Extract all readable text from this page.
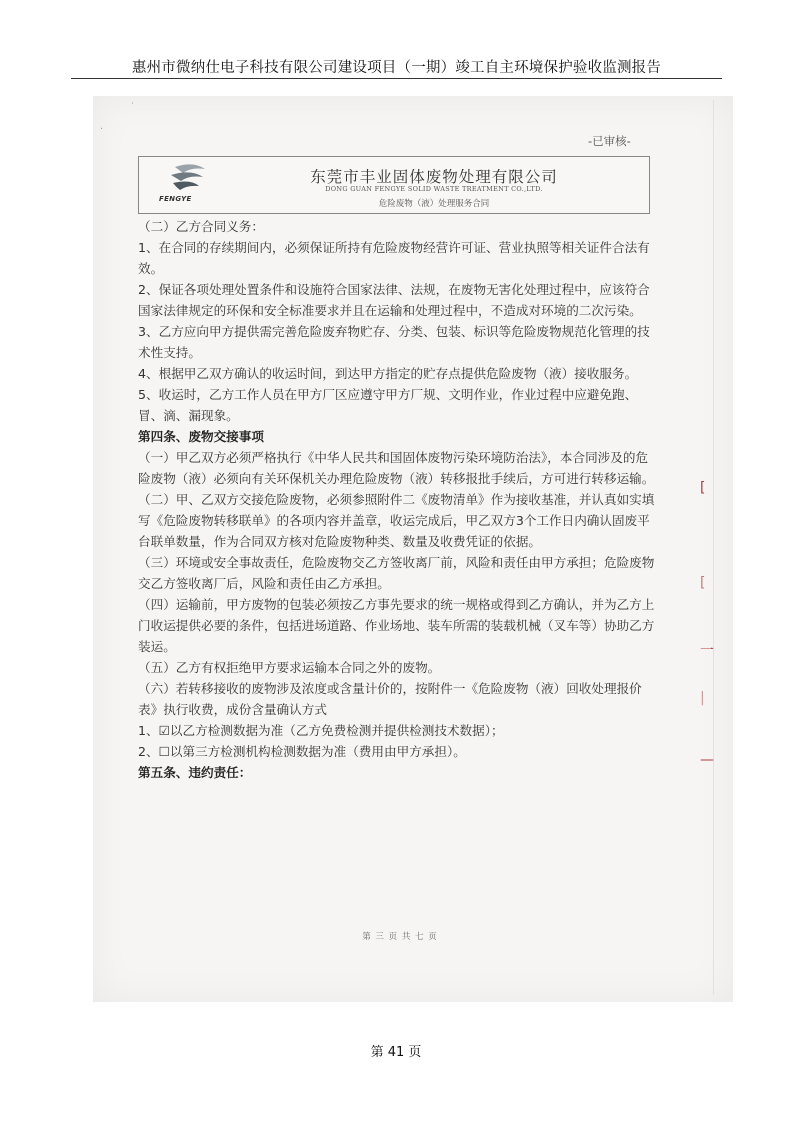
惠州市微纳仕电子科技有限公司建设项目（一期）竣工自主环境保护验收监测报告
˙
·
-已审核-
FENGYE
东莞市丰业固体废物处理有限公司
DONG GUAN FENGYE SOLID WASTE TREATMENT CO.,LTD.
危险废物（液）处理服务合同

（二）乙方合同义务：

1、在合同的存续期间内，必须保证所持有危险废物经营许可证、营业执照等相关证件合法有

效。

2、保证各项处理处置条件和设施符合国家法律、法规，在废物无害化处理过程中，应该符合

国家法律规定的环保和安全标准要求并且在运输和处理过程中，不造成对环境的二次污染。

3、乙方应向甲方提供需完善危险废弃物贮存、分类、包装、标识等危险废物规范化管理的技

术性支持。

4、根据甲乙双方确认的收运时间，到达甲方指定的贮存点提供危险废物（液）接收服务。

5、收运时，乙方工作人员在甲方厂区应遵守甲方厂规、文明作业，作业过程中应避免跑、

冒、滴、漏现象。

第四条、废物交接事项

（一）甲乙双方必须严格执行《中华人民共和国固体废物污染环境防治法》，本合同涉及的危

险废物（液）必须向有关环保机关办理危险废物（液）转移报批手续后，方可进行转移运输。

（二）甲、乙双方交接危险废物，必须参照附件二《废物清单》作为接收基准，并认真如实填

写《危险废物转移联单》的各项内容并盖章，收运完成后，甲乙双方3个工作日内确认固废平

台联单数量，作为合同双方核对危险废物种类、数量及收费凭证的依据。

（三）环境或安全事故责任，危险废物交乙方签收离厂前，风险和责任由甲方承担；危险废物

交乙方签收离厂后，风险和责任由乙方承担。

（四）运输前，甲方废物的包装必须按乙方事先要求的统一规格或得到乙方确认，并为乙方上

门收运提供必要的条件，包括进场道路、作业场地、装车所需的装载机械（叉车等）协助乙方

装运。

（五）乙方有权拒绝甲方要求运输本合同之外的废物。

（六）若转移接收的废物涉及浓度或含量计价的，按附件一《危险废物（液）回收处理报价

表》执行收费，成份含量确认方式

1、☑以乙方检测数据为准（乙方免费检测并提供检测技术数据）；

2、☐以第三方检测机构检测数据为准（费用由甲方承担）。

第五条、违约责任：

第 三 页 共 七 页
[
[
一
|
—
第 41 页
